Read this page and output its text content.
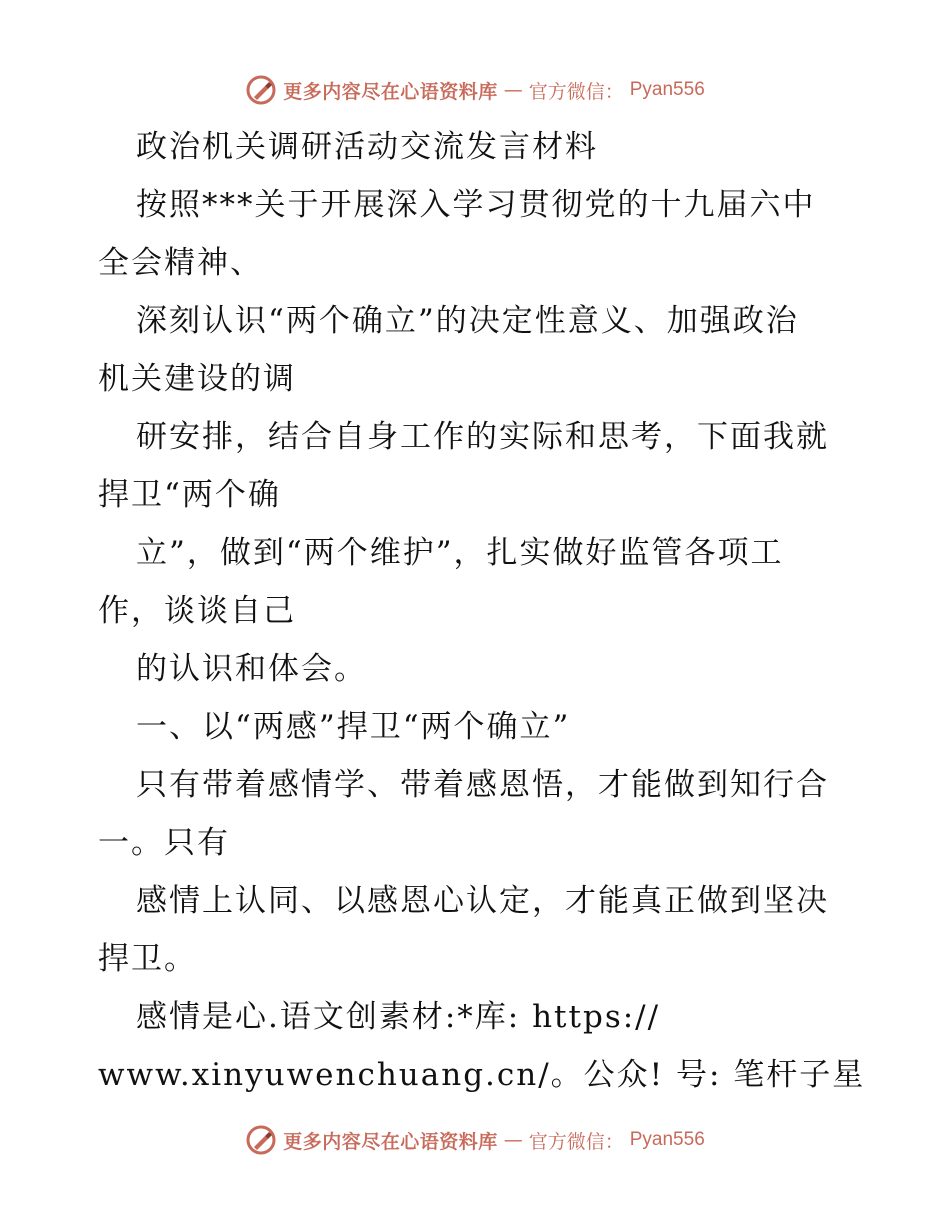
更多内容尽在心语资料库 — 官方微信： Pyan556
政治机关调研活动交流发言材料
按照***关于开展深入学习贯彻党的十九届六中
全会精神、
深刻认识“两个确立”的决定性意义、加强政治
机关建设的调
研安排，结合自身工作的实际和思考，下面我就
捍卫“两个确
立”，做到“两个维护”，扎实做好监管各项工
作，谈谈自己
的认识和体会。
一、以“两感”捍卫“两个确立”
只有带着感情学、带着感恩悟，才能做到知行合
一。只有
感情上认同、以感恩心认定，才能真正做到坚决
捍卫。
感情是心.语文创素材:*库: https://
www.xinyuwenchuang.cn/。公众! 号: 笔杆子星
更多内容尽在心语资料库 — 官方微信： Pyan556
